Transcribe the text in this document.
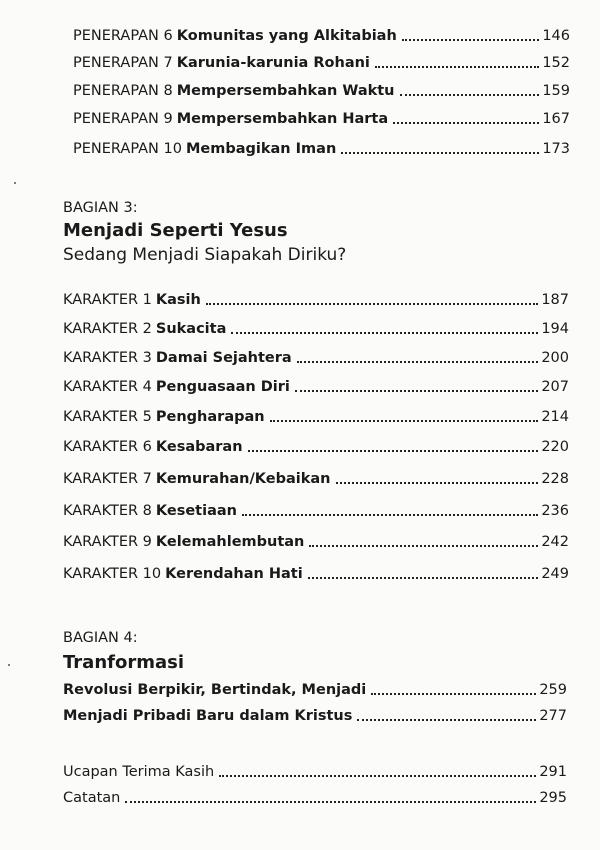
PENERAPAN 6 Komunitas yang Alkitabiah	146
PENERAPAN 7 Karunia-karunia Rohani	152
PENERAPAN 8 Mempersembahkan Waktu	159
PENERAPAN 9 Mempersembahkan Harta	167
PENERAPAN 10 Membagikan Iman	173
BAGIAN 3:
Menjadi Seperti Yesus
Sedang Menjadi Siapakah Diriku?
KARAKTER 1 Kasih	187
KARAKTER 2 Sukacita	194
KARAKTER 3 Damai Sejahtera	200
KARAKTER 4 Penguasaan Diri	207
KARAKTER 5 Pengharapan	214
KARAKTER 6 Kesabaran	220
KARAKTER 7 Kemurahan/Kebaikan	228
KARAKTER 8 Kesetiaan	236
KARAKTER 9 Kelemahlembutan	242
KARAKTER 10 Kerendahan Hati	249
BAGIAN 4:
Tranformasi
Revolusi Berpikir, Bertindak, Menjadi	259
Menjadi Pribadi Baru dalam Kristus	277
Ucapan Terima Kasih	291
Catatan	295
